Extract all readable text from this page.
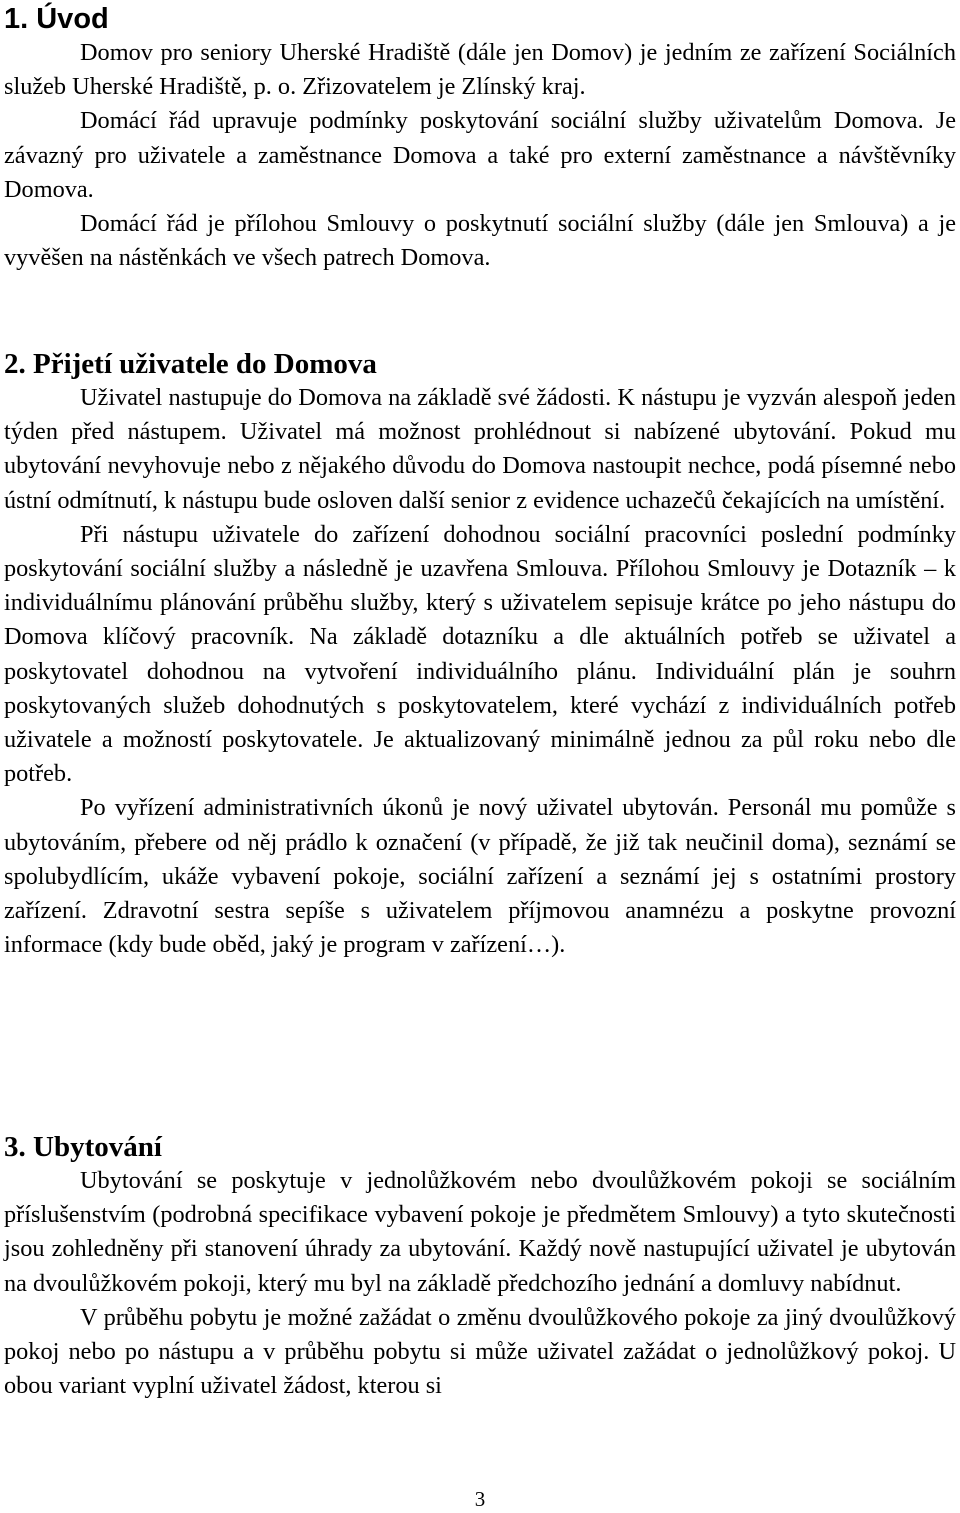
1. Úvod

Domov pro seniory Uherské Hradiště (dále jen Domov) je jedním ze zařízení Sociálních služeb Uherské Hradiště, p. o. Zřizovatelem je Zlínský kraj.

Domácí řád upravuje podmínky poskytování sociální služby uživatelům Domova. Je závazný pro uživatele a zaměstnance Domova a také pro externí zaměstnance a návštěvníky Domova.

Domácí řád je přílohou Smlouvy o poskytnutí sociální služby (dále jen Smlouva) a je vyvěšen na nástěnkách ve všech patrech Domova.

2. Přijetí uživatele do Domova

Uživatel nastupuje do Domova na základě své žádosti. K nástupu je vyzván alespoň jeden týden před nástupem. Uživatel má možnost prohlédnout si nabízené ubytování. Pokud mu ubytování nevyhovuje nebo z nějakého důvodu do Domova nastoupit nechce, podá písemné nebo ústní odmítnutí, k nástupu bude osloven další senior z evidence uchazečů čekajících na umístění.

Při nástupu uživatele do zařízení dohodnou sociální pracovníci poslední podmínky poskytování sociální služby a následně je uzavřena Smlouva. Přílohou Smlouvy je Dotazník – k individuálnímu plánování průběhu služby, který s uživatelem sepisuje krátce po jeho nástupu do Domova klíčový pracovník. Na základě dotazníku a dle aktuálních potřeb se uživatel a poskytovatel dohodnou na vytvoření individuálního plánu. Individuální plán je souhrn poskytovaných služeb dohodnutých s poskytovatelem, které vychází z individuálních potřeb uživatele a možností poskytovatele. Je aktualizovaný minimálně jednou za půl roku nebo dle potřeb.

Po vyřízení administrativních úkonů je nový uživatel ubytován. Personál mu pomůže s ubytováním, přebere od něj prádlo k označení (v případě, že již tak neučinil doma), seznámí se spolubydlícím, ukáže vybavení pokoje, sociální zařízení a seznámí jej s ostatními prostory zařízení. Zdravotní sestra sepíše s uživatelem příjmovou anamnézu a poskytne provozní informace (kdy bude oběd, jaký je program v zařízení…).

3. Ubytování

Ubytování se poskytuje v jednolůžkovém nebo dvoulůžkovém pokoji se sociálním příslušenstvím (podrobná specifikace vybavení pokoje je předmětem Smlouvy) a tyto skutečnosti jsou zohledněny při stanovení úhrady za ubytování. Každý nově nastupující uživatel je ubytován na dvoulůžkovém pokoji, který mu byl na základě předchozího jednání a domluvy nabídnut.

V průběhu pobytu je možné zažádat o změnu dvoulůžkového pokoje za jiný dvoulůžkový pokoj nebo po nástupu a v průběhu pobytu si může uživatel zažádat o jednolůžkový pokoj. U obou variant vyplní uživatel žádost, kterou si

3
